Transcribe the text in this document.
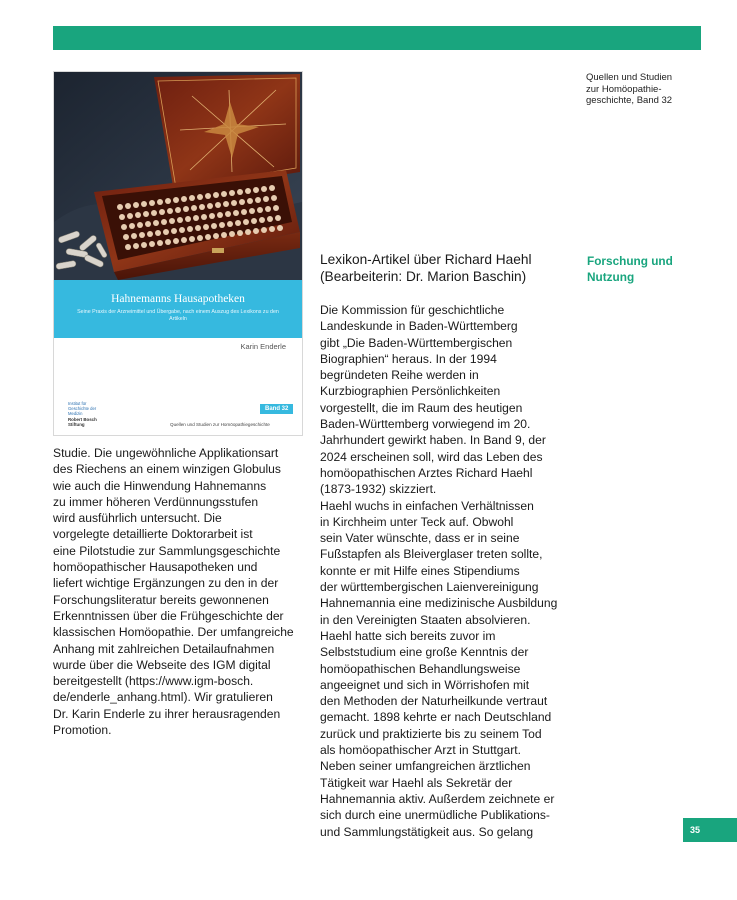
Hahnemanns Hausapotheken
Seine Praxis der Arzneimittel und Übergabe, nach einem Auszug des Lexikons zu den Artikeln
Karin Enderle
Institut für
Geschichte der Medizin
Robert Bosch Stiftung
Band 32
Quellen und Studien zur Homöopathiegeschichte
Quellen und Studien
zur Homöopathie-
geschichte, Band 32
Lexikon-Artikel über Richard Haehl
(Bearbeiterin: Dr. Marion Baschin)
Forschung und
Nutzung
Studie. Die ungewöhnliche Applikationsart
des Riechens an einem winzigen Globulus
wie auch die Hinwendung Hahnemanns
zu immer höheren Verdünnungsstufen
wird ausführlich untersucht. Die
vorgelegte detaillierte Doktorarbeit ist
eine Pilotstudie zur Sammlungsgeschichte
homöopathischer Hausapotheken und
liefert wichtige Ergänzungen zu den in der
Forschungsliteratur bereits gewonnenen
Erkenntnissen über die Frühgeschichte der
klassischen Homöopathie. Der umfangreiche
Anhang mit zahlreichen Detailaufnahmen
wurde über die Webseite des IGM digital
bereitgestellt (https://www.igm-bosch.
de/enderle_anhang.html). Wir gratulieren
Dr. Karin Enderle zu ihrer herausragenden
Promotion.
Die Kommission für geschichtliche
Landeskunde in Baden-Württemberg
gibt „Die Baden-Württembergischen
Biographien“ heraus. In der 1994
begründeten Reihe werden in
Kurzbiographien Persönlichkeiten
vorgestellt, die im Raum des heutigen
Baden-Württemberg vorwiegend im 20.
Jahrhundert gewirkt haben. In Band 9, der
2024 erscheinen soll, wird das Leben des
homöopathischen Arztes Richard Haehl
(1873-1932) skizziert.
Haehl wuchs in einfachen Verhältnissen
in Kirchheim unter Teck auf. Obwohl
sein Vater wünschte, dass er in seine
Fußstapfen als Bleiverglaser treten sollte,
konnte er mit Hilfe eines Stipendiums
der württembergischen Laienvereinigung
Hahnemannia eine medizinische Ausbildung
in den Vereinigten Staaten absolvieren.
Haehl hatte sich bereits zuvor im
Selbststudium eine große Kenntnis der
homöopathischen Behandlungsweise
angeeignet und sich in Wörrishofen mit
den Methoden der Naturheilkunde vertraut
gemacht. 1898 kehrte er nach Deutschland
zurück und praktizierte bis zu seinem Tod
als homöopathischer Arzt in Stuttgart.
Neben seiner umfangreichen ärztlichen
Tätigkeit war Haehl als Sekretär der
Hahnemannia aktiv. Außerdem zeichnete er
sich durch eine unermüdliche Publikations-
und Sammlungstätigkeit aus. So gelang	35
